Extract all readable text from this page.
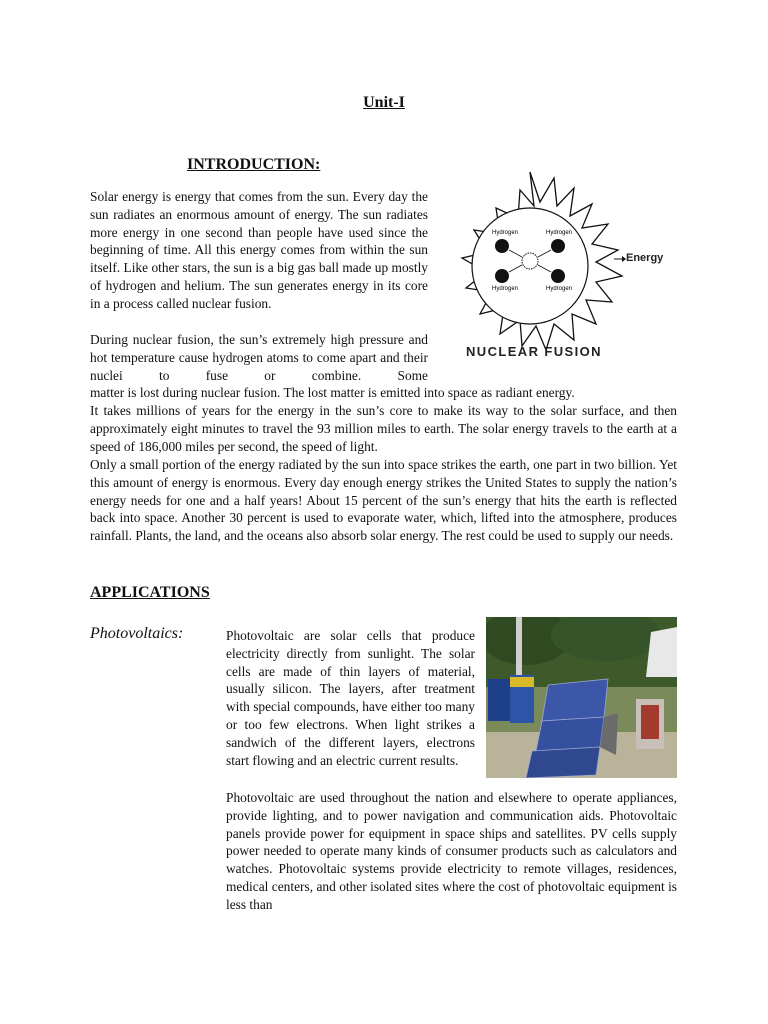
Unit-I
INTRODUCTION:

Solar energy is energy that comes from the sun. Every day the sun radiates an enormous amount of energy. The sun radiates more energy in one second than people have used since the beginning of time. All this energy comes from within the sun itself. Like other stars, the sun is a big gas ball made up mostly of hydrogen and helium. The sun generates energy in its core in a process called nuclear fusion.

During nuclear fusion, the sun’s extremely high pressure and hot temperature cause hydrogen atoms to come apart and their nuclei to fuse or combine. Some

matter is lost during nuclear fusion. The lost matter is emitted into space as radiant energy.

It takes millions of years for the energy in the sun’s core to make its way to the solar surface, and then approximately eight minutes to travel the 93 million miles to earth. The solar energy travels to the earth at a speed of 186,000 miles per second, the speed of light.

Only a small portion of the energy radiated by the sun into space strikes the earth, one part in two billion. Yet this amount of energy is enormous. Every day enough energy strikes the United States to supply the nation’s energy needs for one and a half years! About 15 percent of the sun’s energy that hits the earth is reflected back into space. Another 30 percent is used to evaporate water, which, lifted into the atmosphere, produces rainfall. Plants, the land, and the oceans also absorb solar energy. The rest could be used to supply our needs.

Hydrogen	Hydrogen
Hydrogen	Hydrogen
Energy
NUCLEAR FUSION
APPLICATIONS
Photovoltaics:	Photovoltaic are solar cells that produce electricity directly from sunlight. The solar cells are made of thin layers of material, usually silicon. The layers, after treatment with special compounds, have either too many or too few electrons. When light strikes a sandwich of the different layers, electrons start flowing and an electric current results.

Photovoltaic are used throughout the nation and elsewhere to operate appliances, provide lighting, and to power navigation and communication aids. Photovoltaic panels provide power for equipment in space ships and satellites. PV cells supply power needed to operate many kinds of consumer products such as calculators and watches. Photovoltaic systems provide electricity to remote villages, residences, medical centers, and other isolated sites where the cost of photovoltaic equipment is less than
